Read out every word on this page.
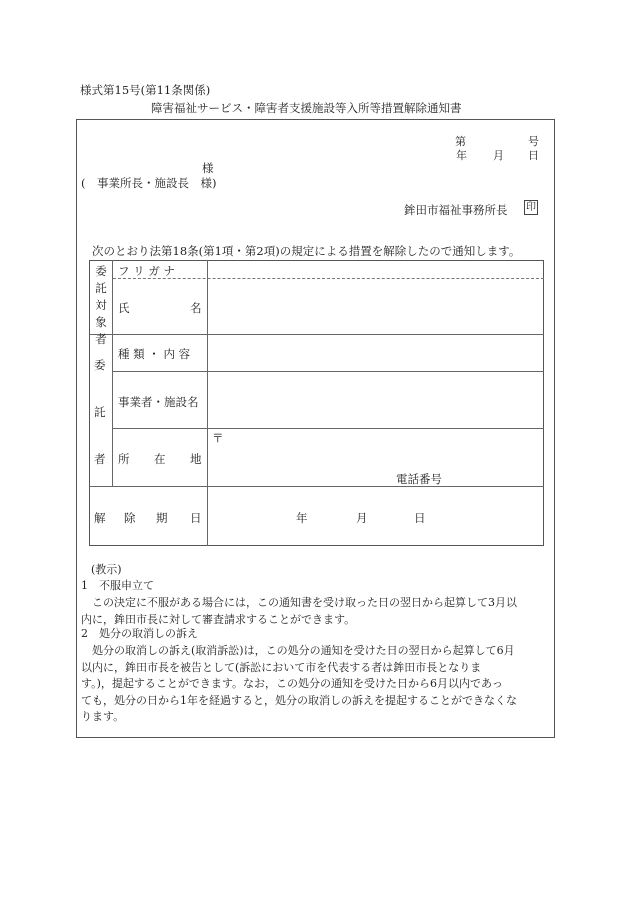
様式第15号(第11条関係)
障害福祉サービス・障害者支援施設等入所等措置解除通知書
第	号
年 月 日
様
(　事業所長・施設長　様)
鉾田市福祉事務所長 印
次のとおり法第18条(第1項・第2項)の規定による措置を解除したので通知します。
委託対象者
フ リ ガ ナ
氏	名
委
託
者
種 類 ・ 内 容
事業者・施設名
所 在 地
〒
電話番号
解 除 期 日	年	月	日
(教示)
1　不服申立て
この決定に不服がある場合には，この通知書を受け取った日の翌日から起算して3月以
内に，鉾田市長に対して審査請求することができます。
2　処分の取消しの訴え
処分の取消しの訴え(取消訴訟)は，この処分の通知を受けた日の翌日から起算して6月
以内に，鉾田市長を被告として(訴訟において市を代表する者は鉾田市長となりま
す。)，提起することができます。なお，この処分の通知を受けた日から6月以内であっ
ても，処分の日から1年を経過すると，処分の取消しの訴えを提起することができなくな
ります。
